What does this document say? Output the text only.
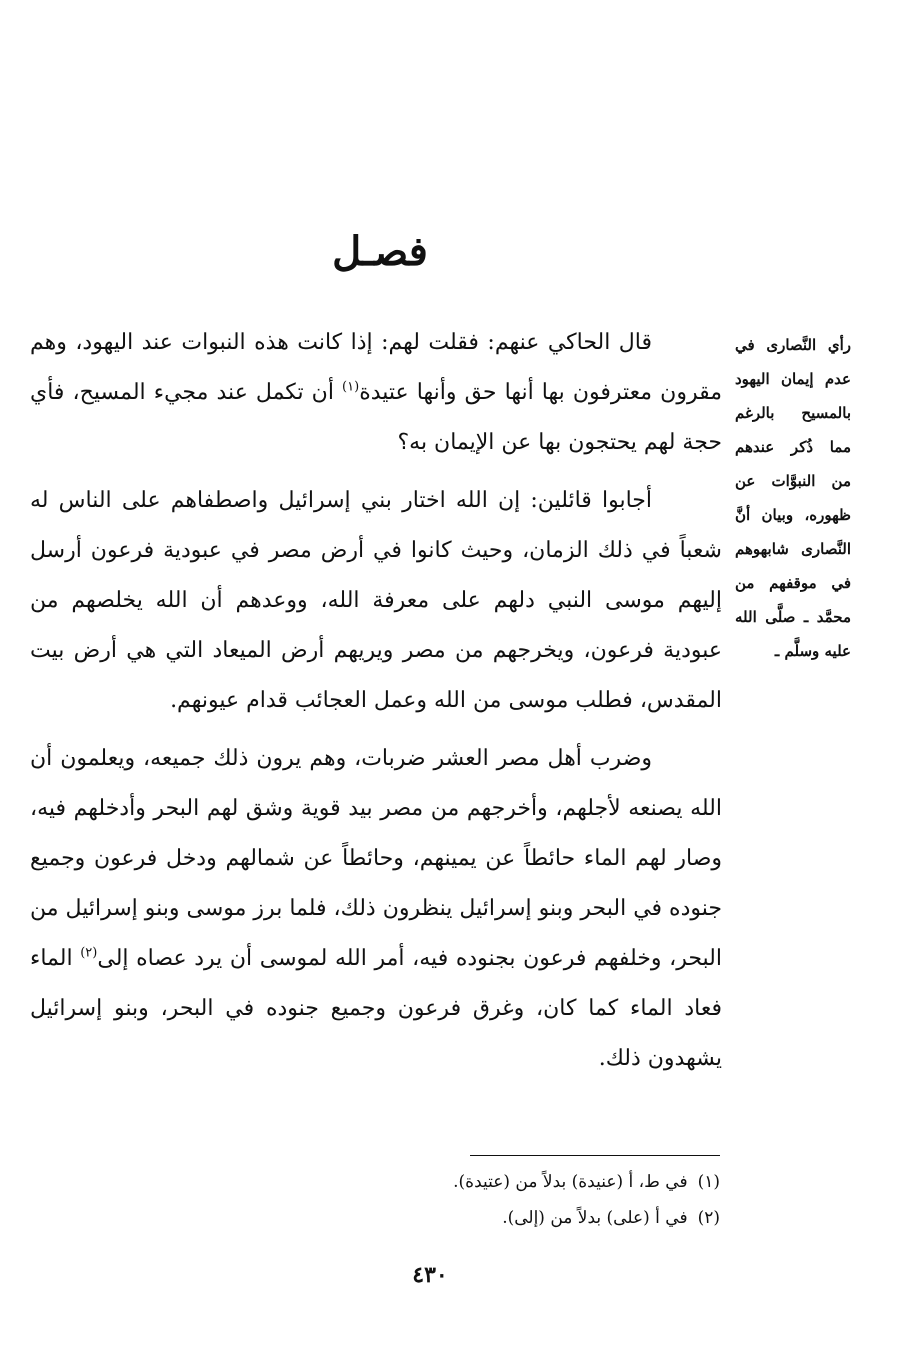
فصـل
رأي النَّصارى في عدم إيمان اليهود بالمسيح بالرغم مما ذُكر عندهم من النبوَّات عن ظهوره، وبيان أنَّ النَّصارى شابهوهم في موقفهم من محمَّد ـ صلَّى الله عليه وسلَّم ـ

قال الحاكي عنهم: فقلت لهم: إذا كانت هذه النبوات عند اليهود، وهم مقرون معترفون بها أنها حق وأنها عتيدة$^{(١)}$ أن تكمل عند مجيء المسيح، فأي حجة لهم يحتجون بها عن الإيمان به؟

أجابوا قائلين: إن الله اختار بني إسرائيل واصطفاهم على الناس له شعباً في ذلك الزمان، وحيث كانوا في أرض مصر في عبودية فرعون أرسل إليهم موسى النبي دلهم على معرفة الله، ووعدهم أن الله يخلصهم من عبودية فرعون، ويخرجهم من مصر ويريهم أرض الميعاد التي هي أرض بيت المقدس، فطلب موسى من الله وعمل العجائب قدام عيونهم.

وضرب أهل مصر العشر ضربات، وهم يرون ذلك جميعه، ويعلمون أن الله يصنعه لأجلهم، وأخرجهم من مصر بيد قوية وشق لهم البحر وأدخلهم فيه، وصار لهم الماء حائطاً عن يمينهم، وحائطاً عن شمالهم ودخل فرعون وجميع جنوده في البحر وبنو إسرائيل ينظرون ذلك، فلما برز موسى وبنو إسرائيل من البحر، وخلفهم فرعون بجنوده فيه، أمر الله لموسى أن يرد عصاه إلى$^{(٢)}$ الماء فعاد الماء كما كان، وغرق فرعون وجميع جنوده في البحر، وبنو إسرائيل يشهدون ذلك.

(١)في ط، أ (عنيدة) بدلاً من (عتيدة).
(٢)في أ (على) بدلاً من (إلى).
٤٣٠
